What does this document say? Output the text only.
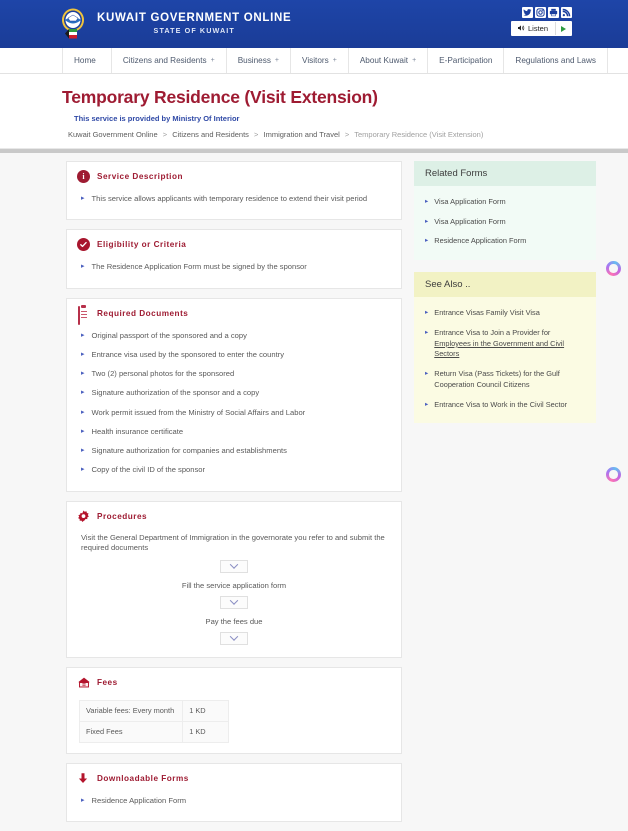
KUWAIT GOVERNMENT ONLINE
STATE OF KUWAIT	Listen
Home	Citizens and Residents +	Business +	Visitors +	About Kuwait +	E-Participation	Regulations and Laws
Temporary Residence (Visit Extension)
This service is provided by Ministry Of Interior
Kuwait Government Online > Citizens and Residents > Immigration and Travel > Temporary Residence (Visit Extension)
i	Service Description
▸ This service allows applicants with temporary residence to extend their visit period
Eligibility or Criteria
▸ The Residence Application Form must be signed by the sponsor
Required Documents
▸ Original passport of the sponsored and a copy
▸ Entrance visa used by the sponsored to enter the country
▸ Two (2) personal photos for the sponsored
▸ Signature authorization of the sponsor and a copy
▸ Work permit issued from the Ministry of Social Affairs and Labor
▸ Health insurance certificate
▸ Signature authorization for companies and establishments
▸ Copy of the civil ID of the sponsor
Procedures
Visit the General Department of Immigration in the governorate you refer to and submit the required documents
Fill the service application form
Pay the fees due
Fees
Variable fees: Every month	1 KD
Fixed Fees	1 KD
Downloadable Forms
▸ Residence Application Form
Related Forms
▸ Visa Application Form
▸ Visa Application Form
▸ Residence Application Form
See Also ..
▸ Entrance Visas Family Visit Visa
▸ Entrance Visa to Join a Provider for Employees in the Government and Civil Sectors
▸ Return Visa (Pass Tickets) for the Gulf Cooperation Council Citizens
▸ Entrance Visa to Work in the Civil Sector
